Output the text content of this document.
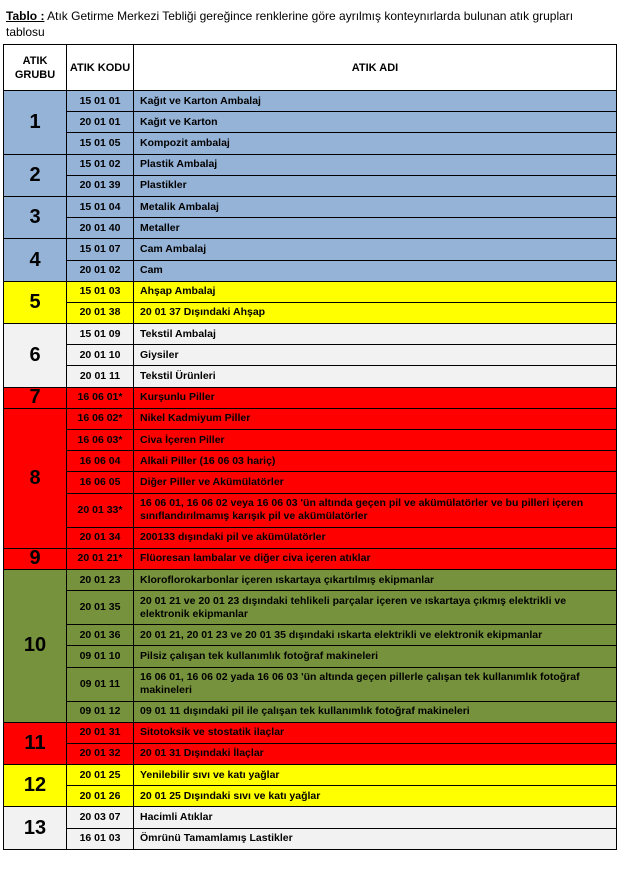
Tablo : Atık Getirme Merkezi Tebliği gereğince renklerine göre ayrılmış konteynırlarda bulunan atık grupları tablosu
ATIK GRUBU	ATIK KODU	ATIK ADI
1	15 01 01	Kağıt ve Karton Ambalaj
	20 01 01	Kağıt ve Karton
	15 01 05	Kompozit ambalaj
2	15 01 02	Plastik Ambalaj
	20 01 39	Plastikler
3	15 01 04	Metalik Ambalaj
	20 01 40	Metaller
4	15 01 07	Cam Ambalaj
	20 01 02	Cam
5	15 01 03	Ahşap Ambalaj
	20 01 38	20 01 37 Dışındaki Ahşap
6	15 01 09	Tekstil Ambalaj
	20 01 10	Giysiler
	20 01 11	Tekstil Ürünleri
7	16 06 01*	Kurşunlu Piller
8	16 06 02*	Nikel Kadmiyum Piller
	16 06 03*	Civa İçeren Piller
	16 06 04	Alkali Piller (16 06 03 hariç)
	16 06 05	Diğer Piller ve Akümülatörler
	20 01 33*	16 06 01, 16 06 02 veya 16 06 03 'ün altında geçen pil ve akümülatörler ve bu pilleri içeren sınıflandırılmamış karışık pil ve akümülatörler
	20 01 34	200133 dışındaki pil ve akümülatörler
9	20 01 21*	Flüoresan lambalar ve diğer civa içeren atıklar
10	20 01 23	Kloroflorokarbonlar içeren ıskartaya çıkartılmış ekipmanlar
	20 01 35	20 01 21 ve 20 01 23 dışındaki tehlikeli parçalar içeren ve ıskartaya çıkmış elektrikli ve elektronik ekipmanlar
	20 01 36	20 01 21, 20 01 23 ve 20 01 35 dışındaki ıskarta elektrikli ve elektronik ekipmanlar
	09 01 10	Pilsiz çalışan tek kullanımlık fotoğraf makineleri
	09 01 11	16 06 01, 16 06 02 yada 16 06 03 'ün altında geçen pillerle çalışan tek kullanımlık fotoğraf makineleri
	09 01 12	09 01 11 dışındaki pil ile çalışan tek kullanımlık fotoğraf makineleri
11	20 01 31	Sitotoksik ve stostatik ilaçlar
	20 01 32	20 01 31 Dışındaki İlaçlar
12	20 01 25	Yenilebilir sıvı ve katı yağlar
	20 01 26	20 01 25 Dışındaki sıvı ve katı yağlar
13	20 03 07	Hacimli Atıklar
	16 01 03	Ömrünü Tamamlamış Lastikler
